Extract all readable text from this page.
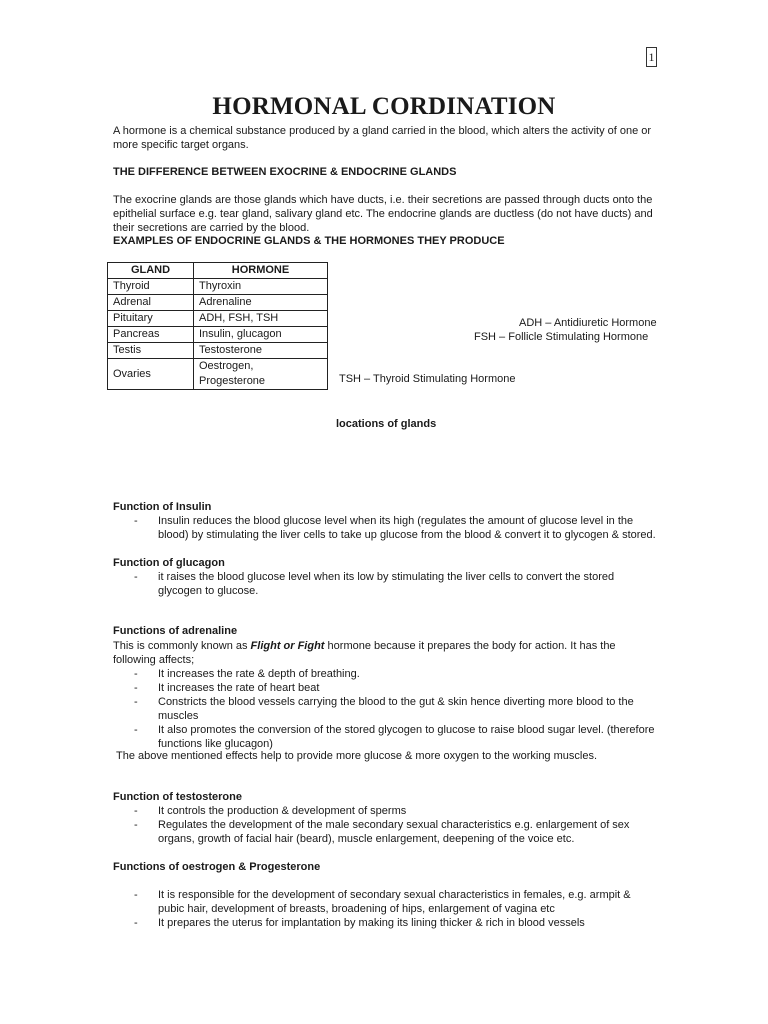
1
HORMONAL CORDINATION
A hormone is a chemical substance produced by a gland carried in the blood, which alters the activity of one or more specific target organs.
THE DIFFERENCE BETWEEN EXOCRINE & ENDOCRINE GLANDS
The exocrine glands are those glands which have ducts, i.e. their secretions are passed through ducts onto the epithelial surface e.g. tear gland, salivary gland etc. The endocrine glands are ductless (do not have ducts) and their secretions are carried by the blood.
EXAMPLES OF ENDOCRINE GLANDS & THE HORMONES THEY PRODUCE
GLAND	HORMONE
Thyroid	Thyroxin
Adrenal	Adrenaline
Pituitary	ADH, FSH, TSH
Pancreas	Insulin, glucagon
Testis	Testosterone
Ovaries	Oestrogen, Progesterone
ADH – Antidiuretic Hormone
FSH – Follicle Stimulating Hormone
TSH – Thyroid Stimulating Hormone
locations of glands
Function of Insulin
- Insulin reduces the blood glucose level when its high (regulates the amount of glucose level in the blood) by stimulating the liver cells to take up glucose from the blood & convert it to glycogen & stored.
Function of glucagon
- it raises the blood glucose level when its low by stimulating the liver cells to convert the stored glycogen to glucose.
Functions of adrenaline
This is commonly known as Flight or Fight hormone because it prepares the body for action. It has the following affects;
- It increases the rate & depth of breathing.
- It increases the rate of heart beat
- Constricts the blood vessels carrying the blood to the gut & skin hence diverting more blood to the muscles
- It also promotes the conversion of the stored glycogen to glucose to raise blood sugar level. (therefore functions like glucagon)
The above mentioned effects help to provide more glucose & more oxygen to the working muscles.
Function of testosterone
- It controls the production & development of sperms
- Regulates the development of the male secondary sexual characteristics e.g. enlargement of sex organs, growth of facial hair (beard), muscle enlargement, deepening of the voice etc.
Functions of oestrogen & Progesterone
- It is responsible for the development of secondary sexual characteristics in females, e.g. armpit & pubic hair, development of breasts, broadening of hips, enlargement of vagina etc
- It prepares the uterus for implantation by making its lining thicker & rich in blood vessels
